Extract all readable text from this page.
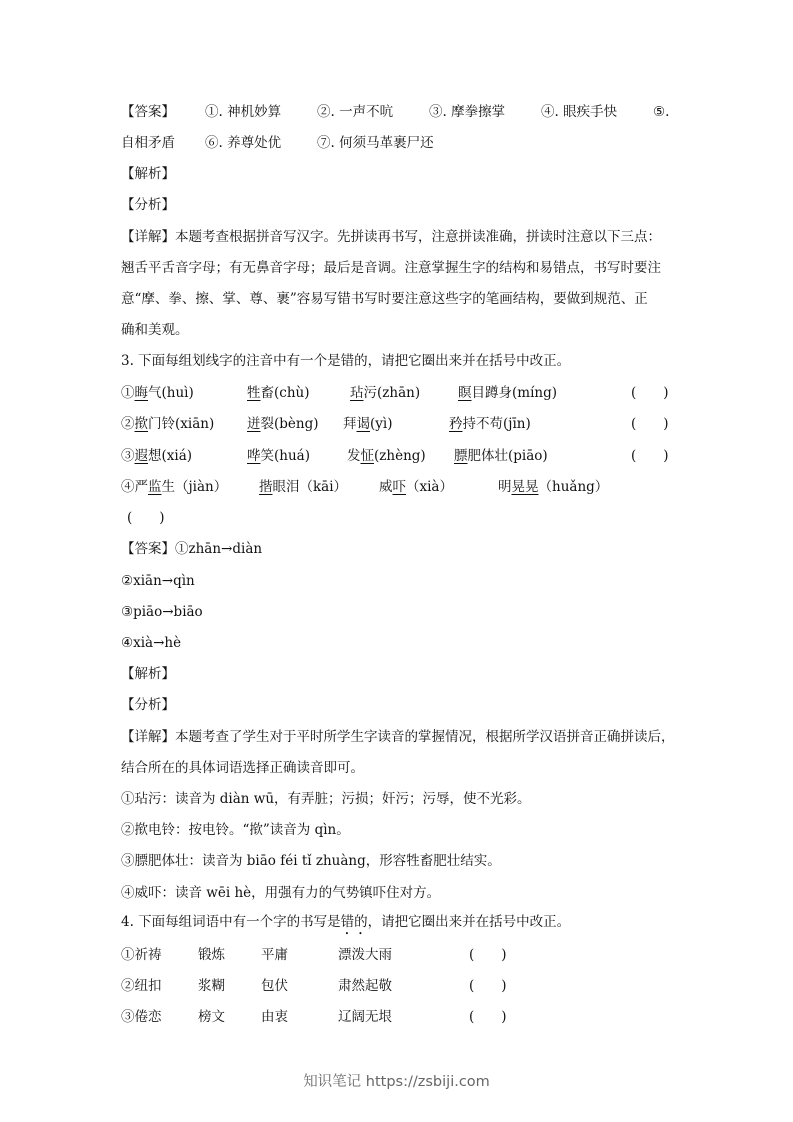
【答案】 ①. 神机妙算	②. 一声不吭	③. 摩拳擦掌	④. 眼疾手快	⑤.
自相矛盾 ⑥. 养尊处优	⑦. 何须马革裹尸还
【解析】
【分析】
【详解】本题考查根据拼音写汉字。先拼读再书写，注意拼读准确，拼读时注意以下三点：
翘舌平舌音字母；有无鼻音字母；最后是音调。注意掌握生字的结构和易错点，书写时要注
意“摩、拳、擦、掌、尊、裹”容易写错书写时要注意这些字的笔画结构，要做到规范、正
确和美观。
3. 下面每组划线字的注音中有一个是错的，请把它圈出来并在括号中改正。
①晦气(huì)	牲畜(chù)	玷污(zhān)	瞑目蹲身(míng)	(　　)
②揿门铃(xiān) 迸裂(bèng) 拜谒(yì)	矜持不苟(jīn)	(　　)
③遐想(xiá)	哗笑(huá)	发怔(zhèng) 膘肥体壮(piāo)	(　　)
④严监生（jiàn） 揩眼泪（kāi） 威吓（xià）	明晃晃（huǎng）
(　　)
【答案】①zhān→diàn
②xiān→qìn
③piāo→biāo
④xià→hè
【解析】
【分析】
【详解】本题考查了学生对于平时所学生字读音的掌握情况，根据所学汉语拼音正确拼读后，
结合所在的具体词语选择正确读音即可。
①玷污：读音为 diàn wū，有弄脏；污损；奸污；污辱，使不光彩。
②揿电铃：按电铃。“揿”读音为 qìn。
③膘肥体壮：读音为 biāo féi tǐ zhuàng，形容牲畜肥壮结实。
④威吓：读音 wēi hè，用强有力的气势镇吓住对方。
4. 下面每组词语中有一个字的书写是错的，请把它圈出来并在括号中改正。
①祈祷	锻炼	平庸	漂泼大雨	(　　)
②纽扣	浆糊	包伏	肃然起敬	(　　)
③倦恋	榜文	由衷	辽阔无垠	(　　)
知识笔记 https://zsbiji.com
